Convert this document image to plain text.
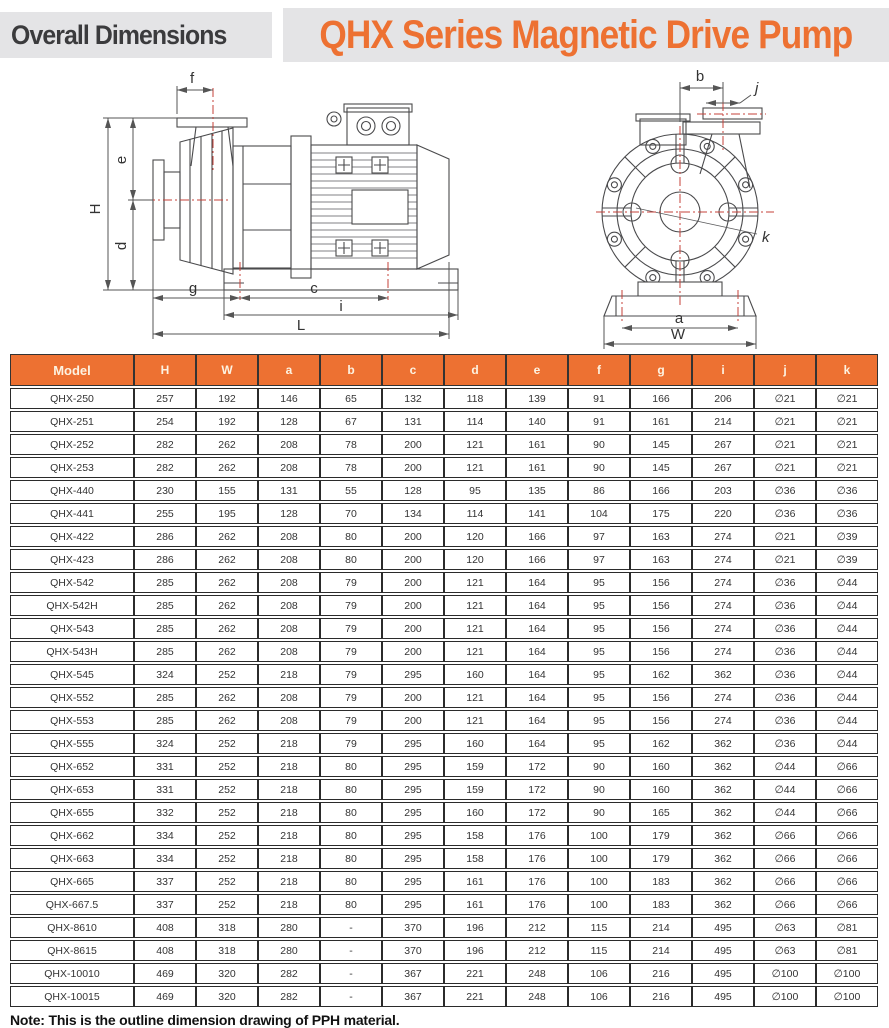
Overall Dimensions QHX Series Magnetic Drive Pump
f
H
e
d
g	c
i
L
b
j
k
a
W
Model	H	W	a	b	c	d	e	f	g	i	j	k
QHX-250	257	192	146	65	132	118	139	91	166	206	∅21	∅21
QHX-251	254	192	128	67	131	114	140	91	161	214	∅21	∅21
QHX-252	282	262	208	78	200	121	161	90	145	267	∅21	∅21
QHX-253	282	262	208	78	200	121	161	90	145	267	∅21	∅21
QHX-440	230	155	131	55	128	95	135	86	166	203	∅36	∅36
QHX-441	255	195	128	70	134	114	141	104	175	220	∅36	∅36
QHX-422	286	262	208	80	200	120	166	97	163	274	∅21	∅39
QHX-423	286	262	208	80	200	120	166	97	163	274	∅21	∅39
QHX-542	285	262	208	79	200	121	164	95	156	274	∅36	∅44
QHX-542H	285	262	208	79	200	121	164	95	156	274	∅36	∅44
QHX-543	285	262	208	79	200	121	164	95	156	274	∅36	∅44
QHX-543H	285	262	208	79	200	121	164	95	156	274	∅36	∅44
QHX-545	324	252	218	79	295	160	164	95	162	362	∅36	∅44
QHX-552	285	262	208	79	200	121	164	95	156	274	∅36	∅44
QHX-553	285	262	208	79	200	121	164	95	156	274	∅36	∅44
QHX-555	324	252	218	79	295	160	164	95	162	362	∅36	∅44
QHX-652	331	252	218	80	295	159	172	90	160	362	∅44	∅66
QHX-653	331	252	218	80	295	159	172	90	160	362	∅44	∅66
QHX-655	332	252	218	80	295	160	172	90	165	362	∅44	∅66
QHX-662	334	252	218	80	295	158	176	100	179	362	∅66	∅66
QHX-663	334	252	218	80	295	158	176	100	179	362	∅66	∅66
QHX-665	337	252	218	80	295	161	176	100	183	362	∅66	∅66
QHX-667.5	337	252	218	80	295	161	176	100	183	362	∅66	∅66
QHX-8610	408	318	280	-	370	196	212	115	214	495	∅63	∅81
QHX-8615	408	318	280	-	370	196	212	115	214	495	∅63	∅81
QHX-10010	469	320	282	-	367	221	248	106	216	495	∅100	∅100
QHX-10015	469	320	282	-	367	221	248	106	216	495	∅100	∅100
Note: This is the outline dimension drawing of PPH material.
